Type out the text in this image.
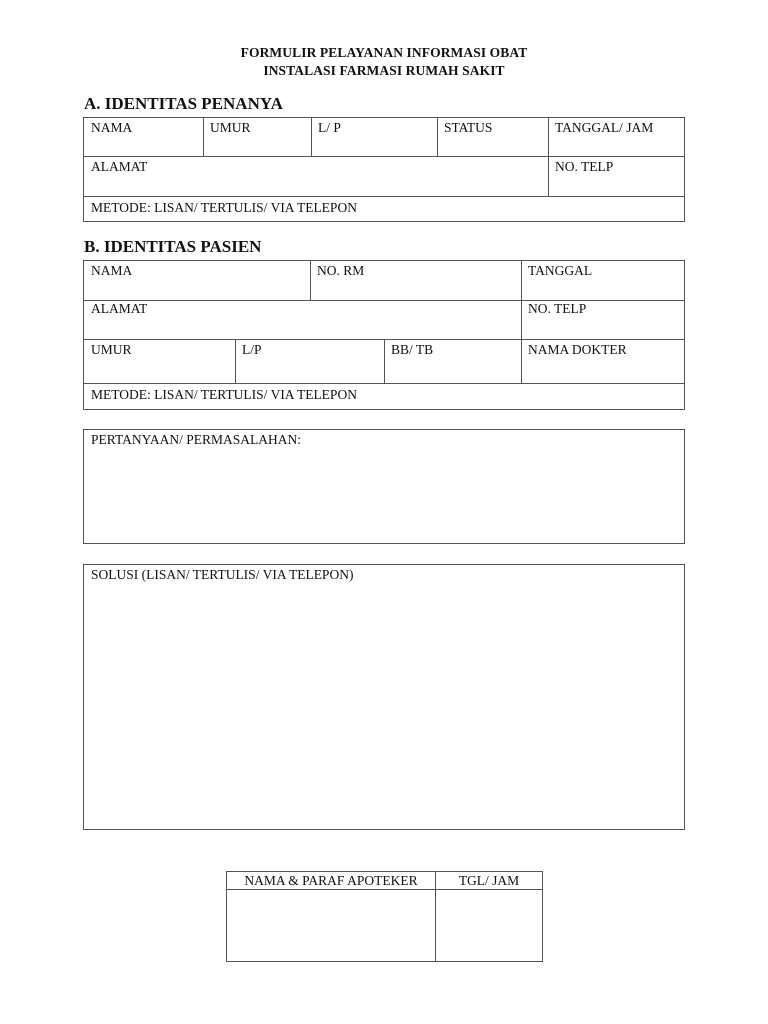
FORMULIR PELAYANAN INFORMASI OBAT
INSTALASI FARMASI RUMAH SAKIT
A. IDENTITAS PENANYA
NAMA	UMUR	L/ P	STATUS	TANGGAL/ JAM
ALAMAT	NO. TELP
METODE: LISAN/ TERTULIS/ VIA TELEPON
B. IDENTITAS PASIEN
NAMA	NO. RM	TANGGAL
ALAMAT	NO. TELP
UMUR	L/P	BB/ TB	NAMA DOKTER
METODE: LISAN/ TERTULIS/ VIA TELEPON
PERTANYAAN/ PERMASALAHAN:
SOLUSI (LISAN/ TERTULIS/ VIA TELEPON)
NAMA & PARAF APOTEKER	TGL/ JAM
